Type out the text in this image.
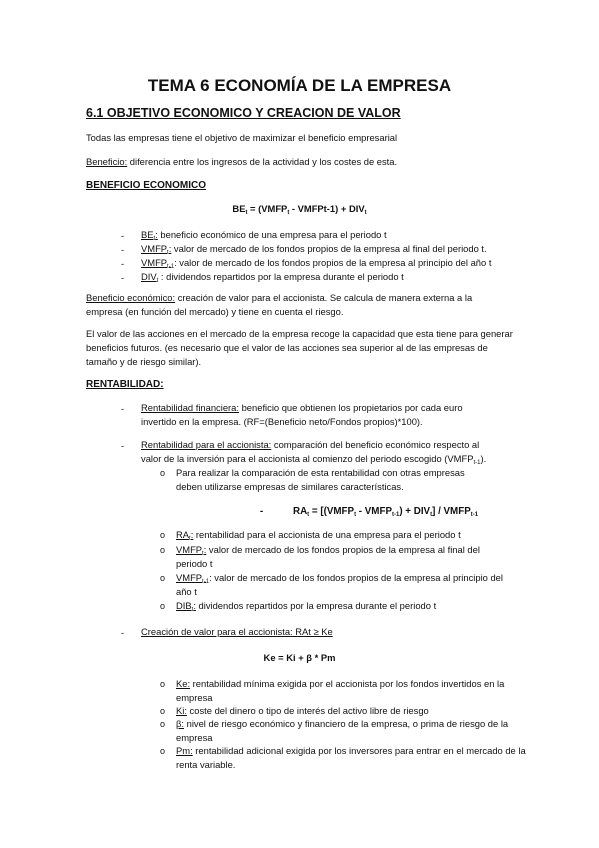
TEMA 6 ECONOMÍA DE LA EMPRESA
6.1 OBJETIVO ECONOMICO Y CREACION DE VALOR
Todas las empresas tiene el objetivo de maximizar el beneficio empresarial
Beneficio: diferencia entre los ingresos de la actividad y los costes de esta.
BENEFICIO ECONOMICO
$BE_t$ = ($VMFP_t$ - VMFPt-1) + $DIV_t$
- $BE_t$: beneficio económico de una empresa para el periodo t
- $VMFP_t$: valor de mercado de los fondos propios de la empresa al final del periodo t.
- $VMFP_{t-1}$: valor de mercado de los fondos propios de la empresa al principio del año t
- $DIV_t$ : dividendos repartidos por la empresa durante el periodo t
Beneficio económico: creación de valor para el accionista. Se calcula de manera externa a la
empresa (en función del mercado) y tiene en cuenta el riesgo.
El valor de las acciones en el mercado de la empresa recoge la capacidad que esta tiene para generar
beneficios futuros. (es necesario que el valor de las acciones sea superior al de las empresas de
tamaño y de riesgo similar).
RENTABILIDAD:
- Rentabilidad financiera: beneficio que obtienen los propietarios por cada euro
invertido en la empresa. (RF=(Beneficio neto/Fondos propios)*100).
- Rentabilidad para el accionista: comparación del beneficio económico respecto al
valor de la inversión para el accionista al comienzo del periodo escogido $(VMFP_{t-1})$.
o Para realizar la comparación de esta rentabilidad con otras empresas
deben utilizarse empresas de similares características.
-	$RA_t$ = [($VMFP_t$ - $VMFP_{t-1}) + DIV_t$] / $VMFP_{t-1}$
o $RA_t$: rentabilidad para el accionista de una empresa para el periodo t
o $VMFP_t$: valor de mercado de los fondos propios de la empresa al final del
periodo t
o $VMFP_{t-1}$: valor de mercado de los fondos propios de la empresa al principio del
año t
o $DIB_t$: dividendos repartidos por la empresa durante el periodo t
- Creación de valor para el accionista: RAt ≥ Ke
Ke = Ki + β * Pm
o Ke: rentabilidad mínima exigida por el accionista por los fondos invertidos en la
empresa
o Ki: coste del dinero o tipo de interés del activo libre de riesgo
o β: nivel de riesgo económico y financiero de la empresa, o prima de riesgo de la
empresa
o Pm: rentabilidad adicional exigida por los inversores para entrar en el mercado de la
renta variable.
